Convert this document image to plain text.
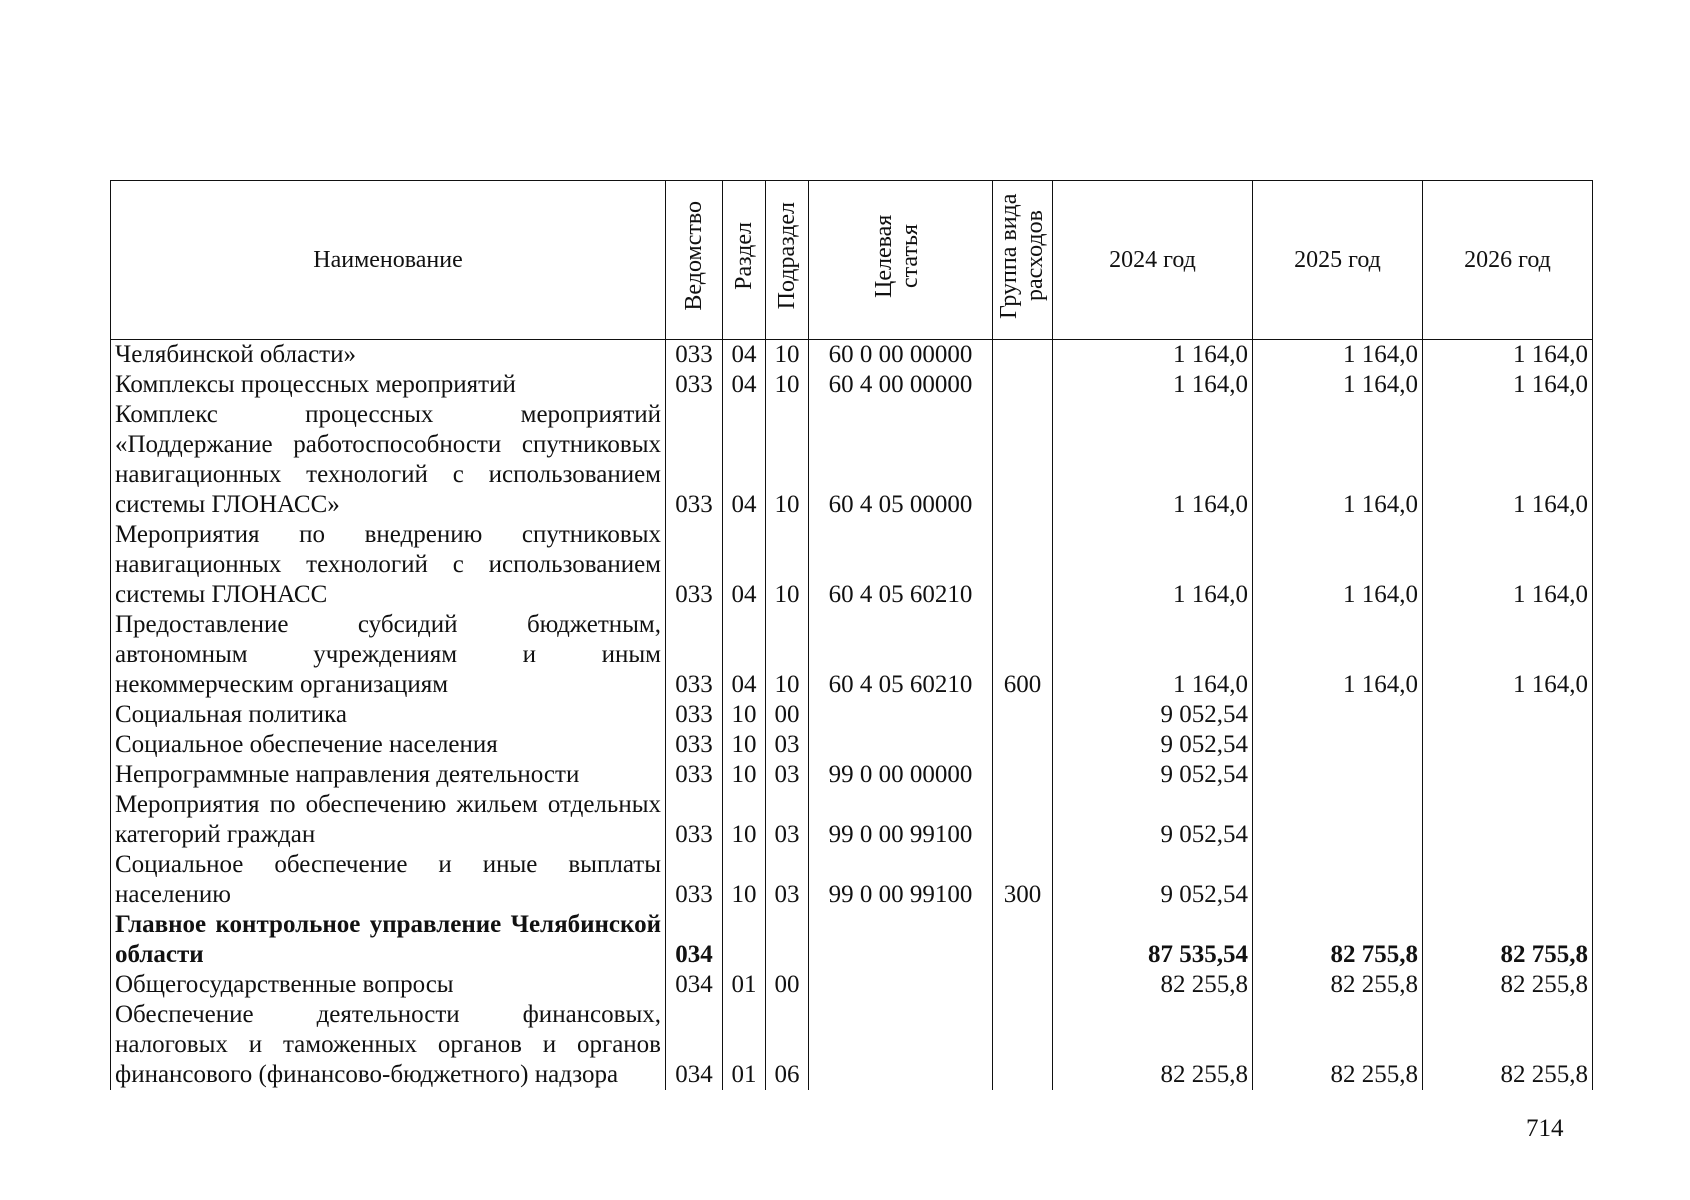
Наименование	Ведомство	Раздел	Подраздел	Целевая статья	Группа вида расходов	2024 год	2025 год	2026 год
Челябинской области»	033	04	10	60 0 00 00000		1 164,0	1 164,0	1 164,0
Комплексы процессных мероприятий	033	04	10	60 4 00 00000		1 164,0	1 164,0	1 164,0
Комплекс процессных мероприятий «Поддержание работоспособности спутниковых навигационных технологий с использованием системы ГЛОНАСС»	033	04	10	60 4 05 00000		1 164,0	1 164,0	1 164,0
Мероприятия по внедрению спутниковых навигационных технологий с использованием системы ГЛОНАСС	033	04	10	60 4 05 60210		1 164,0	1 164,0	1 164,0
Предоставление субсидий бюджетным, автономным учреждениям и иным некоммерческим организациям	033	04	10	60 4 05 60210	600	1 164,0	1 164,0	1 164,0
Социальная политика	033	10	00			9 052,54		
Социальное обеспечение населения	033	10	03			9 052,54		
Непрограммные направления деятельности	033	10	03	99 0 00 00000		9 052,54		
Мероприятия по обеспечению жильем отдельных категорий граждан	033	10	03	99 0 00 99100		9 052,54		
Социальное обеспечение и иные выплаты населению	033	10	03	99 0 00 99100	300	9 052,54		
Главное контрольное управление Челябинской области	034					87 535,54	82 755,8	82 755,8
Общегосударственные вопросы	034	01	00			82 255,8	82 255,8	82 255,8
Обеспечение деятельности финансовых, налоговых и таможенных органов и органов финансового (финансово-бюджетного) надзора	034	01	06			82 255,8	82 255,8	82 255,8
714
